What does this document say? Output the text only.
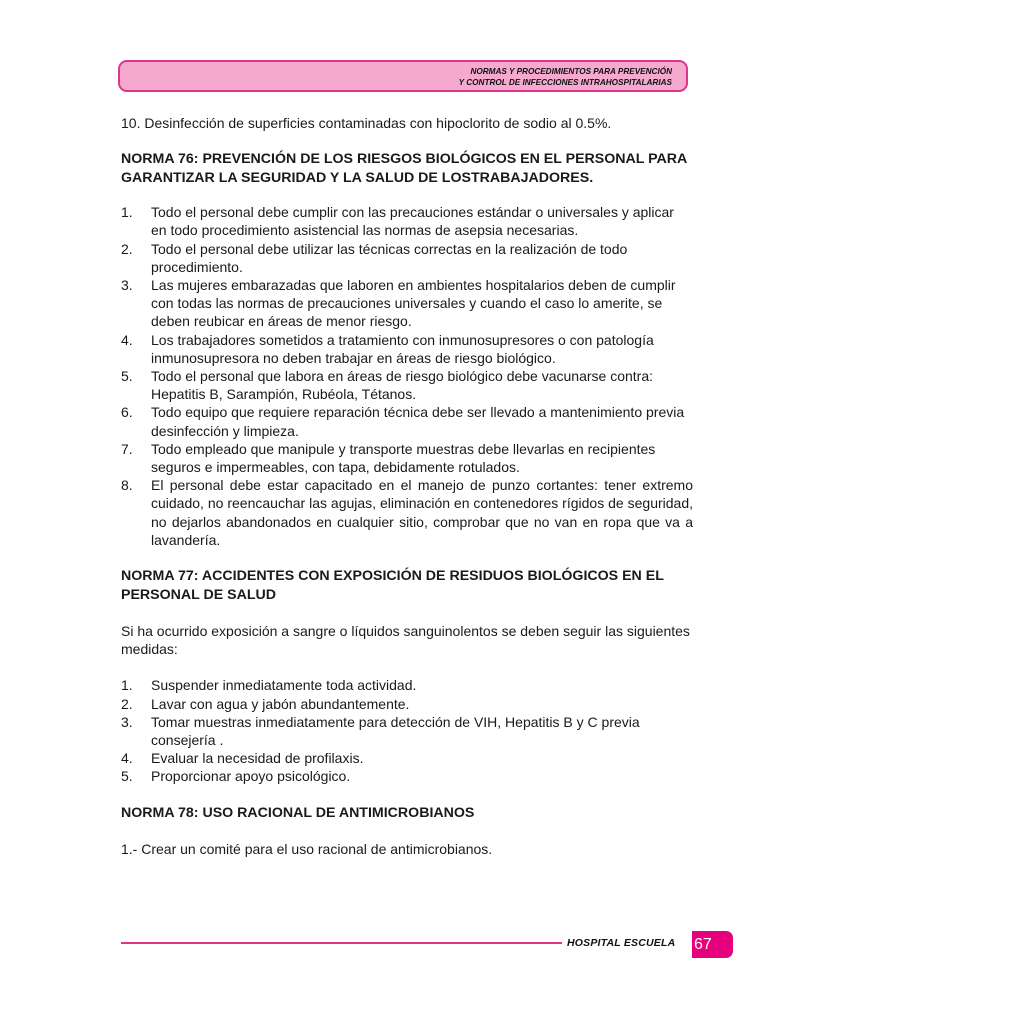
NORMAS Y PROCEDIMIENTOS PARA PREVENCIÓN
Y CONTROL DE INFECCIONES INTRAHOSPITALARIAS

10. Desinfección de superficies contaminadas con hipoclorito de sodio al 0.5%.

NORMA 76: PREVENCIÓN DE LOS RIESGOS BIOLÓGICOS EN EL PERSONAL PARA GARANTIZAR LA SEGURIDAD Y LA SALUD DE LOSTRABAJADORES.

1. Todo el personal debe cumplir con las precauciones estándar o universales y aplicar en todo procedimiento asistencial las normas de asepsia necesarias.
2. Todo el personal debe utilizar las técnicas correctas en la realización de todo procedimiento.
3. Las mujeres embarazadas que laboren en ambientes hospitalarios deben de cumplir con todas las normas de precauciones universales y cuando el caso lo amerite, se deben reubicar en áreas de menor riesgo.
4. Los trabajadores sometidos a tratamiento con inmunosupresores o con patología inmunosupresora no deben trabajar en áreas de riesgo biológico.
5. Todo el personal que labora en áreas de riesgo biológico debe vacunarse contra: Hepatitis B, Sarampión, Rubéola, Tétanos.
6. Todo equipo que requiere reparación técnica debe ser llevado a mantenimiento previa desinfección y limpieza.
7. Todo empleado que manipule y transporte muestras debe llevarlas en recipientes seguros e impermeables, con tapa, debidamente rotulados.
8. El personal debe estar capacitado en el manejo de punzo cortantes: tener extremo cuidado, no reencauchar las agujas, eliminación en contenedores rígidos de seguridad, no dejarlos abandonados en cualquier sitio, comprobar que no van en ropa que va a lavandería.

NORMA 77: ACCIDENTES CON EXPOSICIÓN DE RESIDUOS BIOLÓGICOS EN EL PERSONAL DE SALUD

Si ha ocurrido exposición a sangre o líquidos sanguinolentos se deben seguir las siguientes medidas:

1. Suspender inmediatamente toda actividad.
2. Lavar con agua y jabón abundantemente.
3. Tomar muestras inmediatamente para detección de VIH, Hepatitis B y C previa consejería .
4. Evaluar la necesidad de profilaxis.
5. Proporcionar apoyo psicológico.

NORMA 78: USO RACIONAL DE ANTIMICROBIANOS

1.- Crear un comité para el uso racional de antimicrobianos.

HOSPITAL ESCUELA 67
